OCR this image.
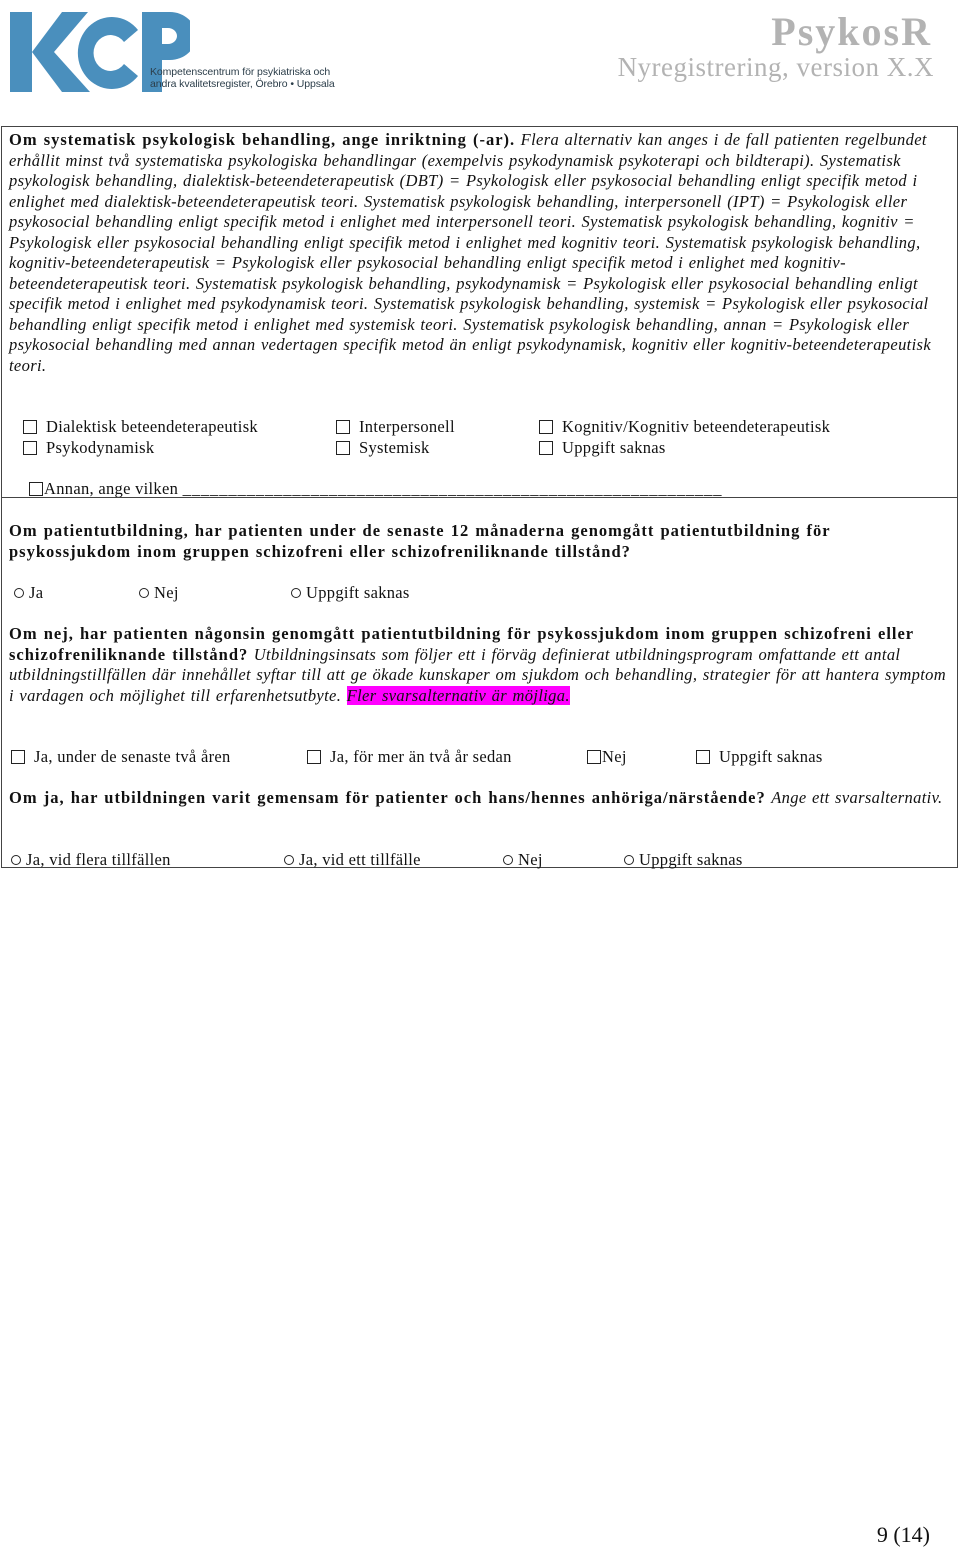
Kompetenscentrum för psykiatriska och
andra kvalitetsregister, Örebro • Uppsala
PsykosR
Nyregistrering, version X.X
Om systematisk psykologisk behandling, ange inriktning (-ar). Flera alternativ kan anges i de fall patienten regelbundet erhållit minst två systematiska psykologiska behandlingar (exempelvis psykodynamisk psykoterapi och bildterapi). Systematisk psykologisk behandling, dialektisk-beteendeterapeutisk (DBT) = Psykologisk eller psykosocial behandling enligt specifik metod i enlighet med dialektisk-beteendeterapeutisk teori. Systematisk psykologisk behandling, interpersonell (IPT) = Psykologisk eller psykosocial behandling enligt specifik metod i enlighet med interpersonell teori. Systematisk psykologisk behandling, kognitiv = Psykologisk eller psykosocial behandling enligt specifik metod i enlighet med kognitiv teori. Systematisk psykologisk behandling, kognitiv-beteendeterapeutisk = Psykologisk eller psykosocial behandling enligt specifik metod i enlighet med kognitiv-beteendeterapeutisk teori. Systematisk psykologisk behandling, psykodynamisk = Psykologisk eller psykosocial behandling enligt specifik metod i enlighet med psykodynamisk teori. Systematisk psykologisk behandling, systemisk = Psykologisk eller psykosocial behandling enligt specifik metod i enlighet med systemisk teori. Systematisk psykologisk behandling, annan = Psykologisk eller psykosocial behandling med annan vedertagen specifik metod än enligt psykodynamisk, kognitiv eller kognitiv-beteendeterapeutisk teori.
Dialektisk beteendeterapeutisk	Interpersonell	Kognitiv/Kognitiv beteendeterapeutisk
Psykodynamisk	Systemisk	Uppgift saknas
Annan, ange vilken ___________________________________________________________
Om patientutbildning, har patienten under de senaste 12 månaderna genomgått patientutbildning för psykossjukdom inom gruppen schizofreni eller schizofreniliknande tillstånd?
Ja	Nej	Uppgift saknas
Om nej, har patienten någonsin genomgått patientutbildning för psykossjukdom inom gruppen schizofreni eller schizofreniliknande tillstånd? Utbildningsinsats som följer ett i förväg definierat utbildningsprogram omfattande ett antal utbildningstillfällen där innehållet syftar till att ge ökade kunskaper om sjukdom och behandling, strategier för att hantera symptom i vardagen och möjlighet till erfarenhetsutbyte. Fler svarsalternativ är möjliga.
Ja, under de senaste två åren	Ja, för mer än två år sedan	Nej	Uppgift saknas
Om ja, har utbildningen varit gemensam för patienter och hans/hennes anhöriga/närstående? Ange ett svarsalternativ.
Ja, vid flera tillfällen	Ja, vid ett tillfälle	Nej	Uppgift saknas
9 (14)
